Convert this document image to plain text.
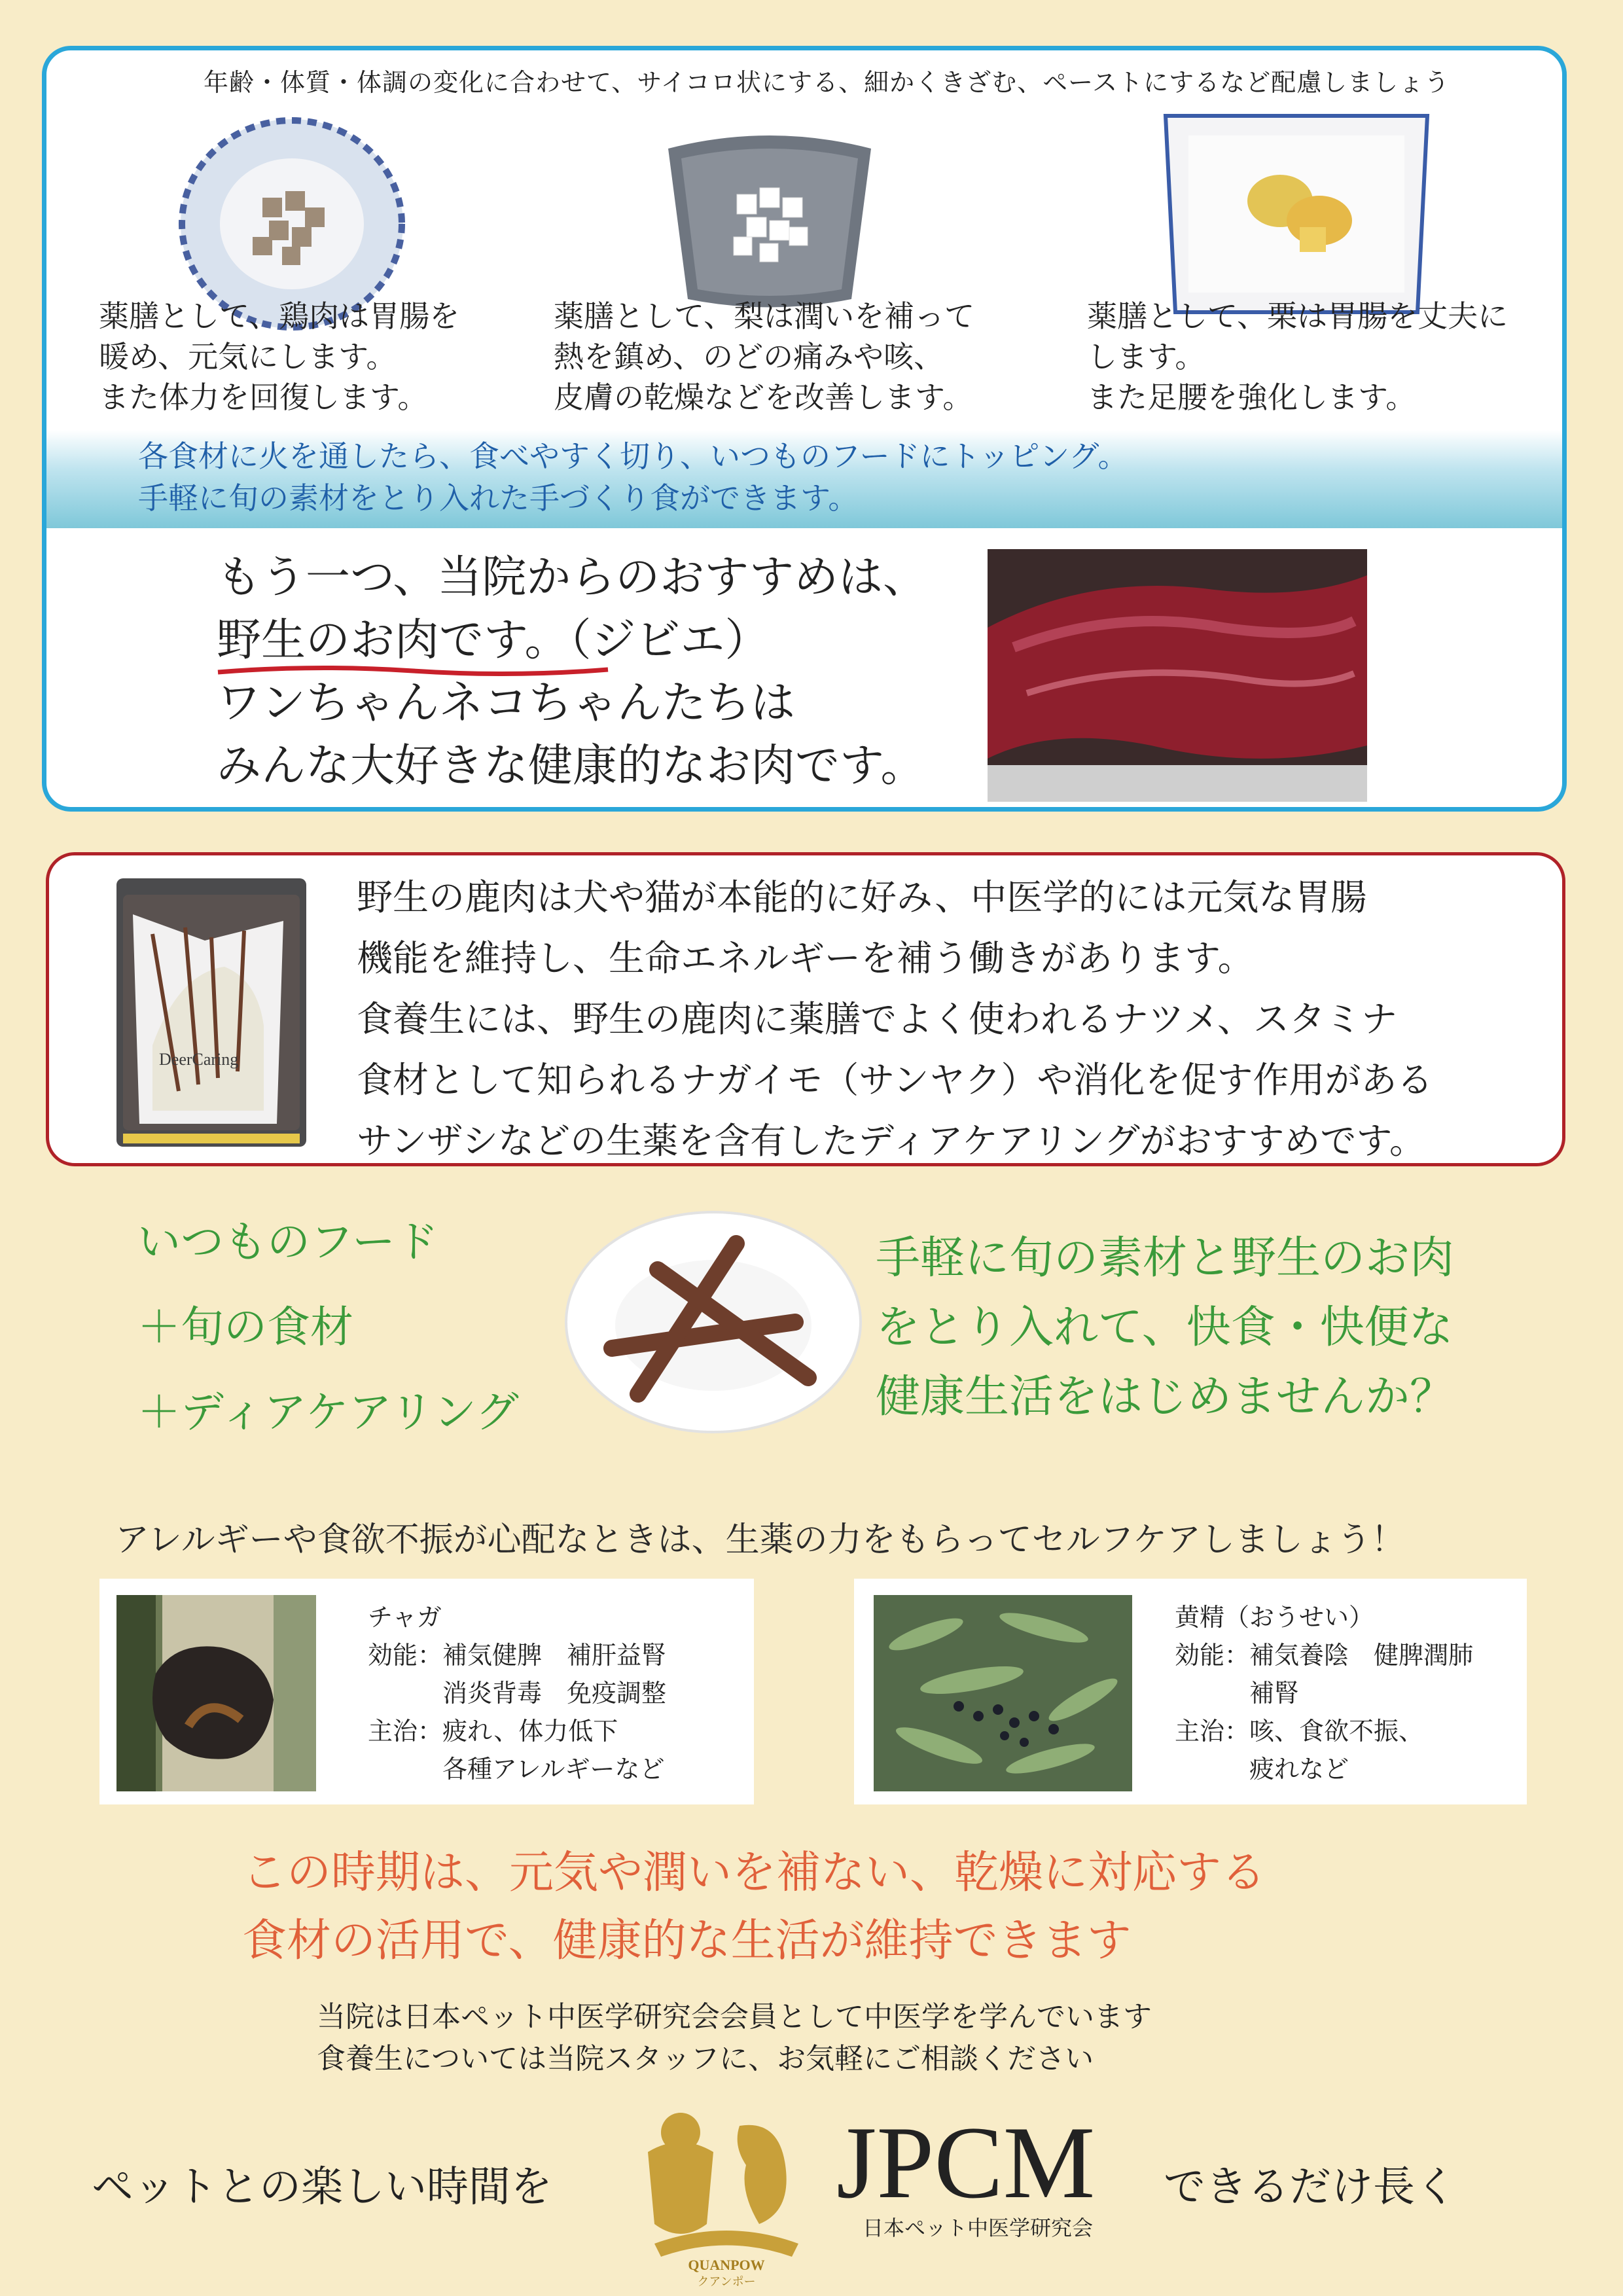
年齢・体質・体調の変化に合わせて、サイコロ状にする、細かくきざむ、ペーストにするなど配慮しましょう
薬膳として、鶏肉は胃腸を
暖め、元気にします。
また体力を回復します。
薬膳として、梨は潤いを補って
熱を鎮め、のどの痛みや咳、
皮膚の乾燥などを改善します。
薬膳として、栗は胃腸を丈夫に
します。
また足腰を強化します。
各食材に火を通したら、食べやすく切り、いつものフードにトッピング。
手軽に旬の素材をとり入れた手づくり食ができます。
もう一つ、当院からのおすすめは、
野生のお肉です。（ジビエ）
ワンちゃんネコちゃんたちは
みんな大好きな健康的なお肉です。
DeerCaring
野生の鹿肉は犬や猫が本能的に好み、中医学的には元気な胃腸
機能を維持し、生命エネルギーを補う働きがあります。
食養生には、野生の鹿肉に薬膳でよく使われるナツメ、スタミナ
食材として知られるナガイモ（サンヤク）や消化を促す作用がある
サンザシなどの生薬を含有したディアケアリングがおすすめです。
いつものフード
＋旬の食材
＋ディアケアリング
手軽に旬の素材と野生のお肉
をとり入れて、快食・快便な
健康生活をはじめませんか？
アレルギーや食欲不振が心配なときは、生薬の力をもらってセルフケアしましょう！
チャガ
効能：補気健脾　補肝益腎
　　　消炎背毒　免疫調整
主治：疲れ、体力低下
　　　各種アレルギーなど
黄精（おうせい）
効能：補気養陰　健脾潤肺
　　　補腎
主治：咳、食欲不振、
　　　疲れなど
この時期は、元気や潤いを補ない、乾燥に対応する
食材の活用で、健康的な生活が維持できます
当院は日本ペット中医学研究会会員として中医学を学んでいます
食養生については当院スタッフに、お気軽にご相談ください
ペットとの楽しい時間を
QUANPOW
クアンポー
JPCM
日本ペット中医学研究会
できるだけ長く
